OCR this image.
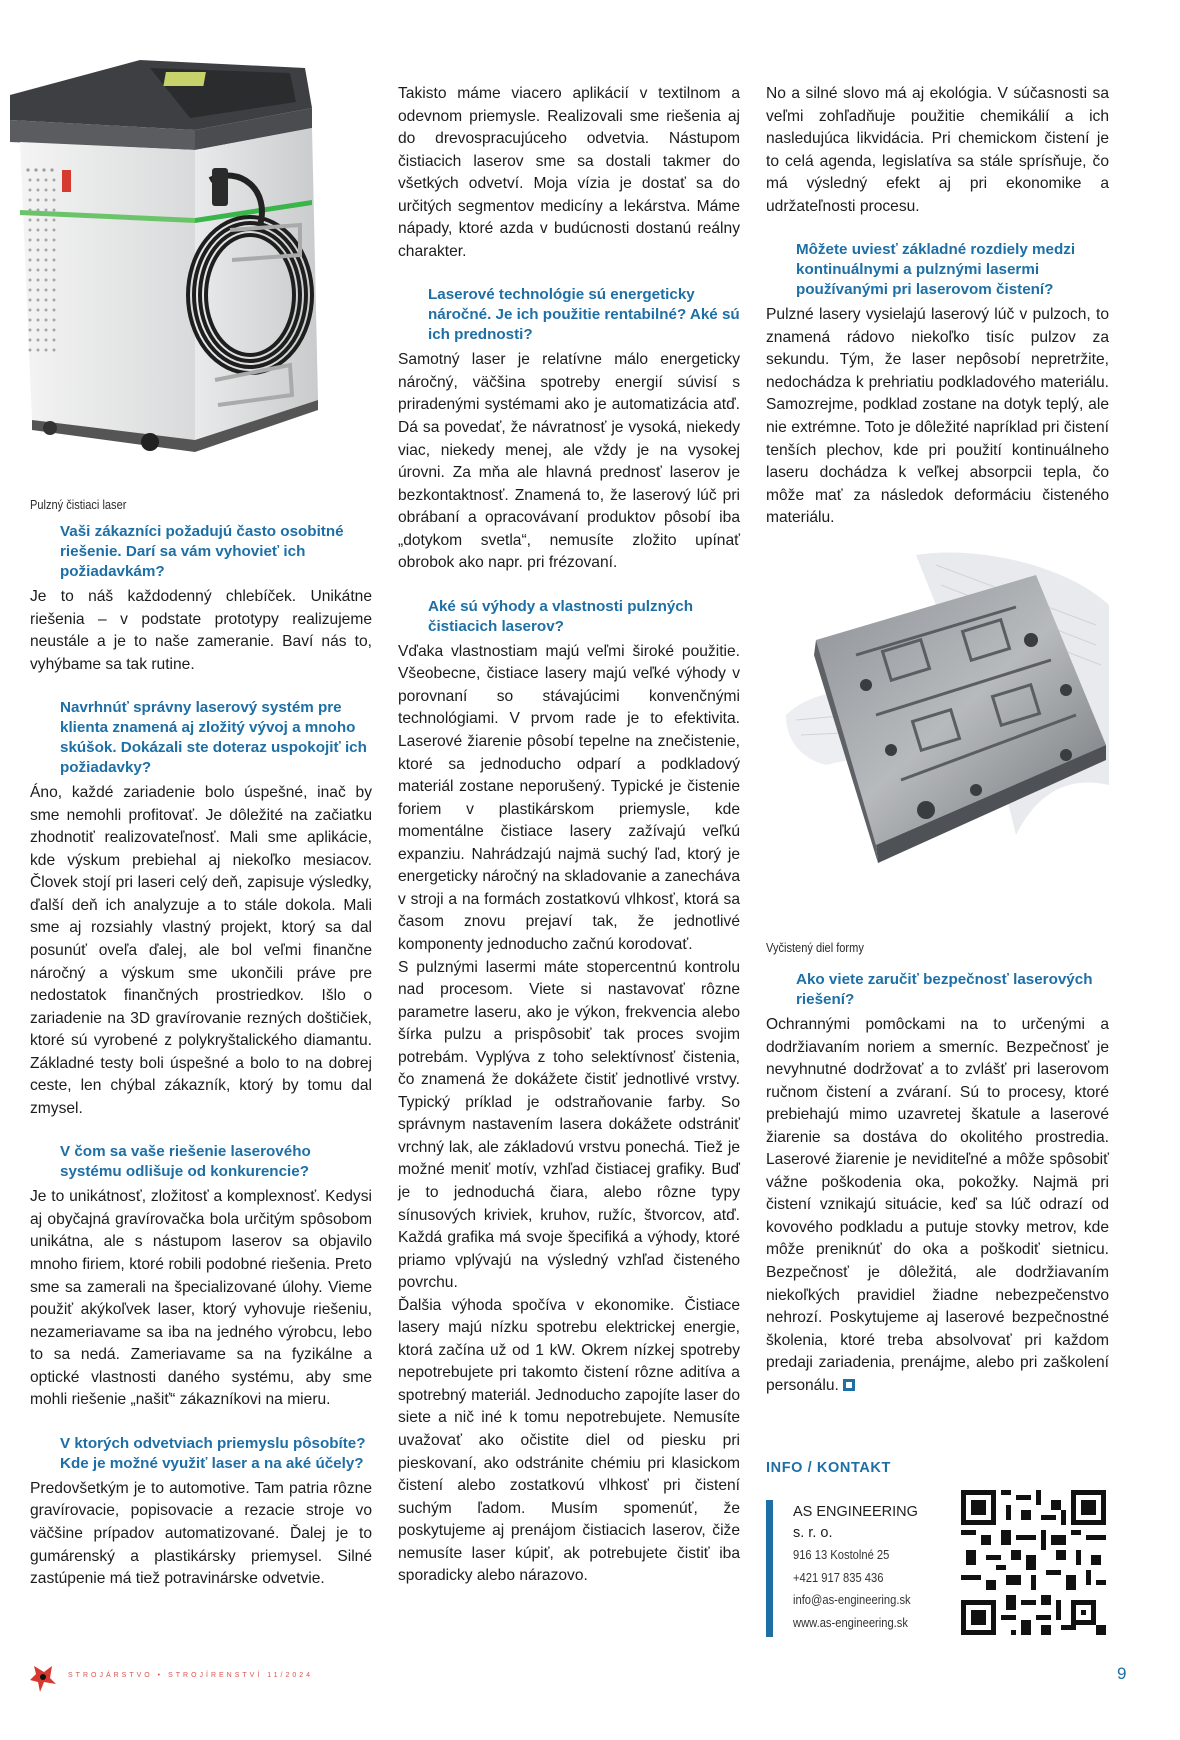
Pulzný čistiaci laser
Vaši zákazníci požadujú často osobitné riešenie. Darí sa vám vyhovieť ich požiadavkám?

Je to náš každodenný chlebíček. Unikátne riešenia – v podstate prototypy realizujeme neustále a je to naše zameranie. Baví nás to, vyhýbame sa tak rutine.

Navrhnúť správny laserový systém pre klienta znamená aj zložitý vývoj a mnoho skúšok. Dokázali ste doteraz uspokojiť ich požiadavky?

Áno, každé zariadenie bolo úspešné, inač by sme nemohli profitovať. Je dôležité na začiatku zhodnotiť realizovateľnosť. Mali sme aplikácie, kde výskum prebiehal aj niekoľko mesiacov. Človek stojí pri laseri celý deň, zapisuje výsledky, ďalší deň ich analyzuje a to stále dokola. Mali sme aj rozsiahly vlastný projekt, ktorý sa dal posunúť oveľa ďalej, ale bol veľmi finančne náročný a výskum sme ukončili práve pre nedostatok finančných prostriedkov. Išlo o zariadenie na 3D gravírovanie rezných doštičiek, ktoré sú vyrobené z polykryštalického diamantu. Základné testy boli úspešné a bolo to na dobrej ceste, len chýbal zákazník, ktorý by tomu dal zmysel.

V čom sa vaše riešenie laserového systému odlišuje od konkurencie?

Je to unikátnosť, zložitosť a komplexnosť. Kedysi aj obyčajná gravírovačka bola určitým spôsobom unikátna, ale s nástupom laserov sa objavilo mnoho firiem, ktoré robili podobné riešenia. Preto sme sa zamerali na špecializované úlohy. Vieme použiť akýkoľvek laser, ktorý vyhovuje riešeniu, nezameriavame sa iba na jedného výrobcu, lebo to sa nedá. Zameriavame sa na fyzikálne a optické vlastnosti daného systému, aby sme mohli riešenie „našiť“ zákazníkovi na mieru.

V ktorých odvetviach priemyslu pôsobíte? Kde je možné využiť laser a na aké účely?

Predovšetkým je to automotive. Tam patria rôzne gravírovacie, popisovacie a rezacie stroje vo väčšine prípadov automatizované. Ďalej je to gumárenský a plastikársky priemysel. Silné zastúpenie má tiež potravinárske odvetvie.

Takisto máme viacero aplikácií v textilnom a odevnom priemysle. Realizovali sme riešenia aj do drevospracujúceho odvetvia. Nástupom čistiacich laserov sme sa dostali takmer do všetkých odvetví. Moja vízia je dostať sa do určitých segmentov medicíny a lekárstva. Máme nápady, ktoré azda v budúcnosti dostanú reálny charakter.

Laserové technológie sú energeticky náročné. Je ich použitie rentabilné? Aké sú ich prednosti?

Samotný laser je relatívne málo energeticky náročný, väčšina spotreby energií súvisí s priradenými systémami ako je automatizácia atď. Dá sa povedať, že návratnosť je vysoká, niekedy viac, niekedy menej, ale vždy je na vysokej úrovni. Za mňa ale hlavná prednosť laserov je bezkontaktnosť. Znamená to, že laserový lúč pri obrábaní a opracovávaní produktov pôsobí iba „dotykom svetla“, nemusíte zložito upínať obrobok ako napr. pri frézovaní.

Aké sú výhody a vlastnosti pulzných čistiacich laserov?

Vďaka vlastnostiam majú veľmi široké použitie. Všeobecne, čistiace lasery majú veľké výhody v porovnaní so stávajúcimi konvenčnými technológiami. V prvom rade je to efektivita. Laserové žiarenie pôsobí tepelne na znečistenie, ktoré sa jednoducho odparí a podkladový materiál zostane neporušený. Typické je čistenie foriem v plastikárskom priemysle, kde momentálne čistiace lasery zažívajú veľkú expanziu. Nahrádzajú najmä suchý ľad, ktorý je energeticky náročný na skladovanie a zanecháva v stroji a na formách zostatkovú vlhkosť, ktorá sa časom znovu prejaví tak, že jednotlivé komponenty jednoducho začnú korodovať.

S pulznými lasermi máte stopercentnú kontrolu nad procesom. Viete si nastavovať rôzne parametre laseru, ako je výkon, frekvencia alebo šírka pulzu a prispôsobiť tak proces svojim potrebám. Vyplýva z toho selektívnosť čistenia, čo znamená že dokážete čistiť jednotlivé vrstvy. Typický príklad je odstraňovanie farby. So správnym nastavením lasera dokážete odstrániť vrchný lak, ale základovú vrstvu ponechá. Tiež je možné meniť motív, vzhľad čistiacej grafiky. Buď je to jednoduchá čiara, alebo rôzne typy sínusových kriviek, kruhov, ružíc, štvorcov, atď. Každá grafika má svoje špecifiká a výhody, ktoré priamo vplývajú na výsledný vzhľad čisteného povrchu.

Ďalšia výhoda spočíva v ekonomike. Čistiace lasery majú nízku spotrebu elektrickej energie, ktorá začína už od 1 kW. Okrem nízkej spotreby nepotrebujete pri takomto čistení rôzne aditíva a spotrebný materiál. Jednoducho zapojíte laser do siete a nič iné k tomu nepotrebujete. Nemusíte uvažovať ako očistite diel od piesku pri pieskovaní, ako odstránite chémiu pri klasickom čistení alebo zostatkovú vlhkosť pri čistení suchým ľadom. Musím spomenúť, že poskytujeme aj prenájom čistiacich laserov, čiže nemusíte laser kúpiť, ak potrebujete čistiť iba sporadicky alebo nárazovo.

No a silné slovo má aj ekológia. V súčasnosti sa veľmi zohľadňuje použitie chemikálií a ich nasledujúca likvidácia. Pri chemickom čistení je to celá agenda, legislatíva sa stále sprísňuje, čo má výsledný efekt aj pri ekonomike a udržateľnosti procesu.

Môžete uviesť základné rozdiely medzi kontinuálnymi a pulznými lasermi používanými pri laserovom čistení?

Pulzné lasery vysielajú laserový lúč v pulzoch, to znamená rádovo niekoľko tisíc pulzov za sekundu. Tým, že laser nepôsobí nepretržite, nedochádza k prehriatiu podkladového materiálu. Samozrejme, podklad zostane na dotyk teplý, ale nie extrémne. Toto je dôležité napríklad pri čistení tenších plechov, kde pri použití kontinuálneho laseru dochádza k veľkej absorpcii tepla, čo môže mať za následok deformáciu čisteného materiálu.

Vyčistený diel formy
Ako viete zaručiť bezpečnosť laserových riešení?

Ochrannými pomôckami na to určenými a dodržiavaním noriem a smerníc. Bezpečnosť je nevyhnutné dodržovať a to zvlášť pri laserovom ručnom čistení a zváraní. Sú to procesy, ktoré prebiehajú mimo uzavretej škatule a laserové žiarenie sa dostáva do okolitého prostredia. Laserové žiarenie je neviditeľné a môže spôsobiť vážne poškodenia oka, pokožky. Najmä pri čistení vznikajú situácie, keď sa lúč odrazí od kovového podkladu a putuje stovky metrov, kde môže preniknúť do oka a poškodiť sietnicu. Bezpečnosť je dôležitá, ale dodržiavaním niekoľkých pravidiel žiadne nebezpečenstvo nehrozí. Poskytujeme aj laserové bezpečnostné školenia, ktoré treba absolvovať pri každom predaji zariadenia, prenájme, alebo pri zaškolení personálu.

INFO / KONTAKT
AS ENGINEERING
s. r. o.
916 13 Kostolné 25
+421 917 835 436
info@as-engineering.sk
www.as-engineering.sk
STROJÁRSTVO • STROJÍRENSTVÍ 11/2024	9
